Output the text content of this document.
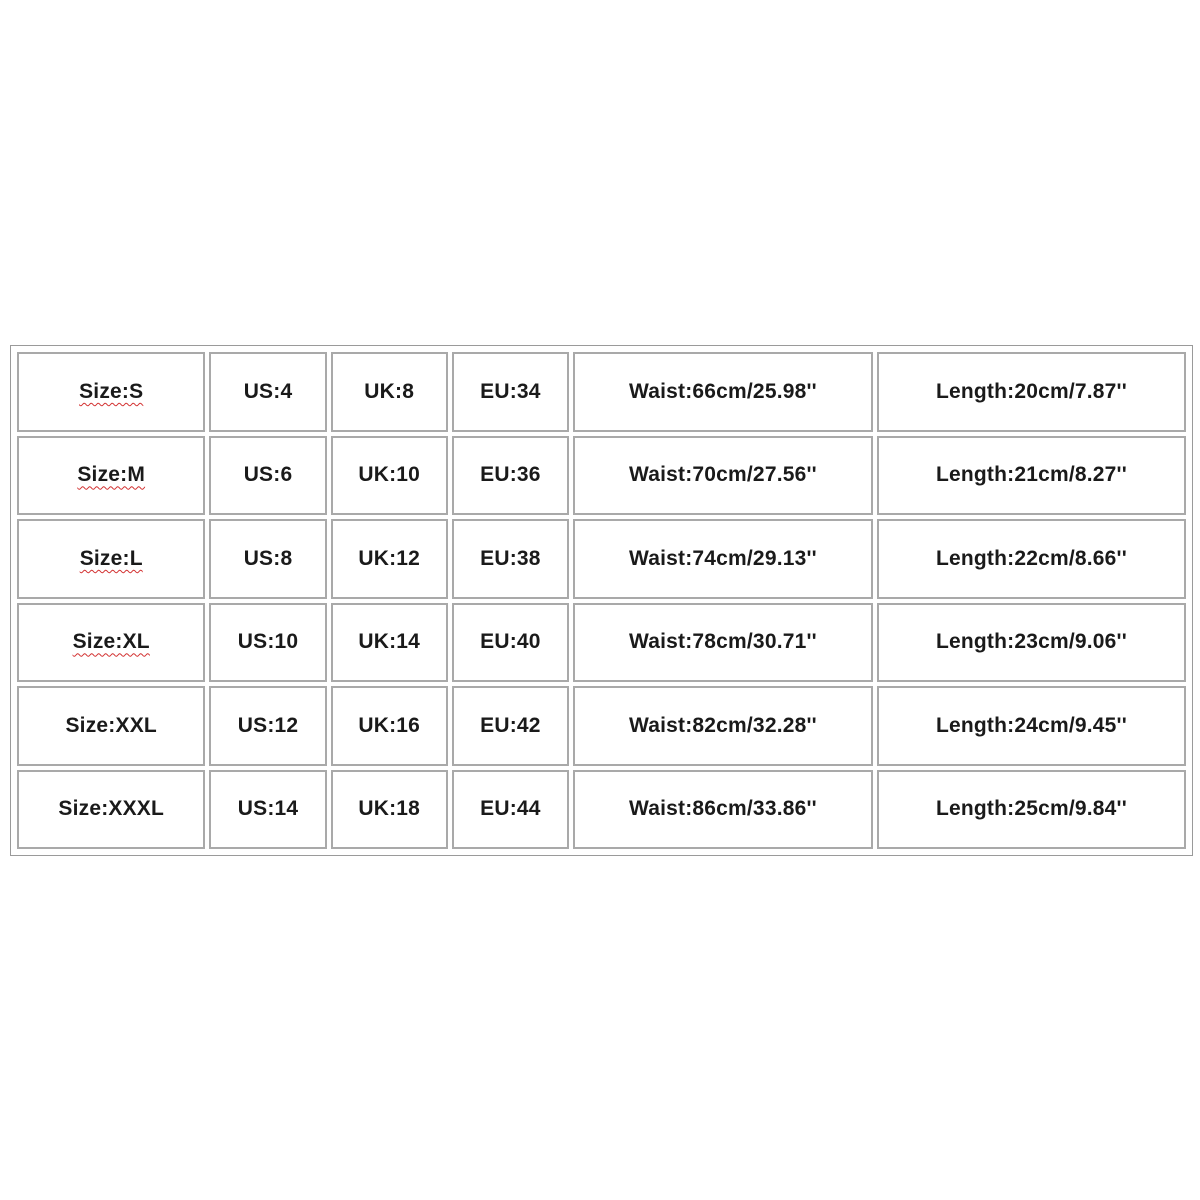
Size:S	US:4	UK:8	EU:34	Waist:66cm/25.98''	Length:20cm/7.87''
Size:M	US:6	UK:10	EU:36	Waist:70cm/27.56''	Length:21cm/8.27''
Size:L	US:8	UK:12	EU:38	Waist:74cm/29.13''	Length:22cm/8.66''
Size:XL	US:10	UK:14	EU:40	Waist:78cm/30.71''	Length:23cm/9.06''
Size:XXL	US:12	UK:16	EU:42	Waist:82cm/32.28''	Length:24cm/9.45''
Size:XXXL	US:14	UK:18	EU:44	Waist:86cm/33.86''	Length:25cm/9.84''
